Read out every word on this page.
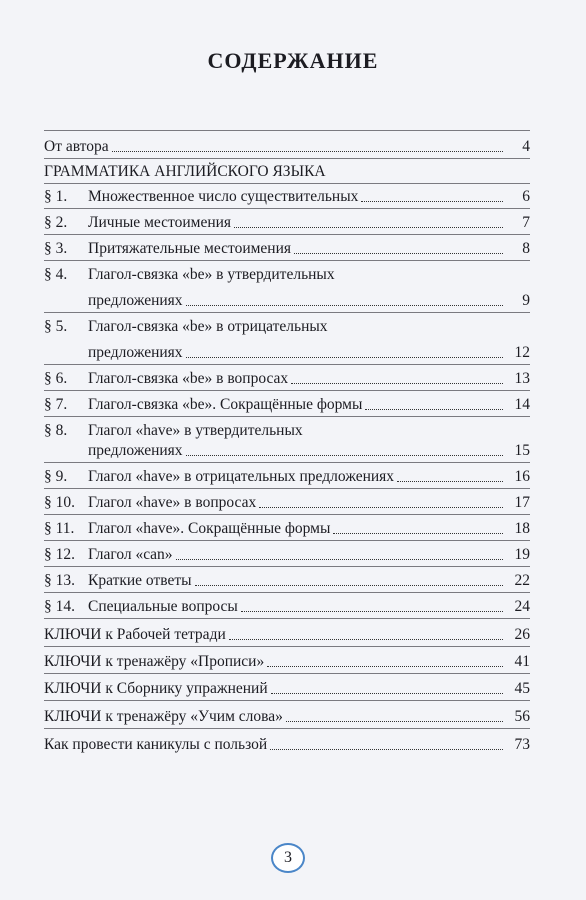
СОДЕРЖАНИЕ
От автора	4
ГРАММАТИКА АНГЛИЙСКОГО ЯЗЫКА
§ 1.	Множественное число существительных	6
§ 2.	Личные местоимения	7
§ 3.	Притяжательные местоимения	8
§ 4. Глагол-связка «be» в утвердительных
предложениях	9
§ 5. Глагол-связка «be» в отрицательных
предложениях	12
§ 6.	Глагол-связка «be» в вопросах	13
§ 7.	Глагол-связка «be». Сокращённые формы	14
§ 8. Глагол «have» в утвердительных
предложениях	15
§ 9.	Глагол «have» в отрицательных предложениях	16
§ 10. Глагол «have» в вопросах	17
§ 11. Глагол «have». Сокращённые формы	18
§ 12. Глагол «can»	19
§ 13. Краткие ответы	22
§ 14. Специальные вопросы	24
КЛЮЧИ к Рабочей тетради	26
КЛЮЧИ к тренажёру «Прописи»	41
КЛЮЧИ к Сборнику упражнений	45
КЛЮЧИ к тренажёру «Учим слова»	56
Как провести каникулы с пользой	73
3
